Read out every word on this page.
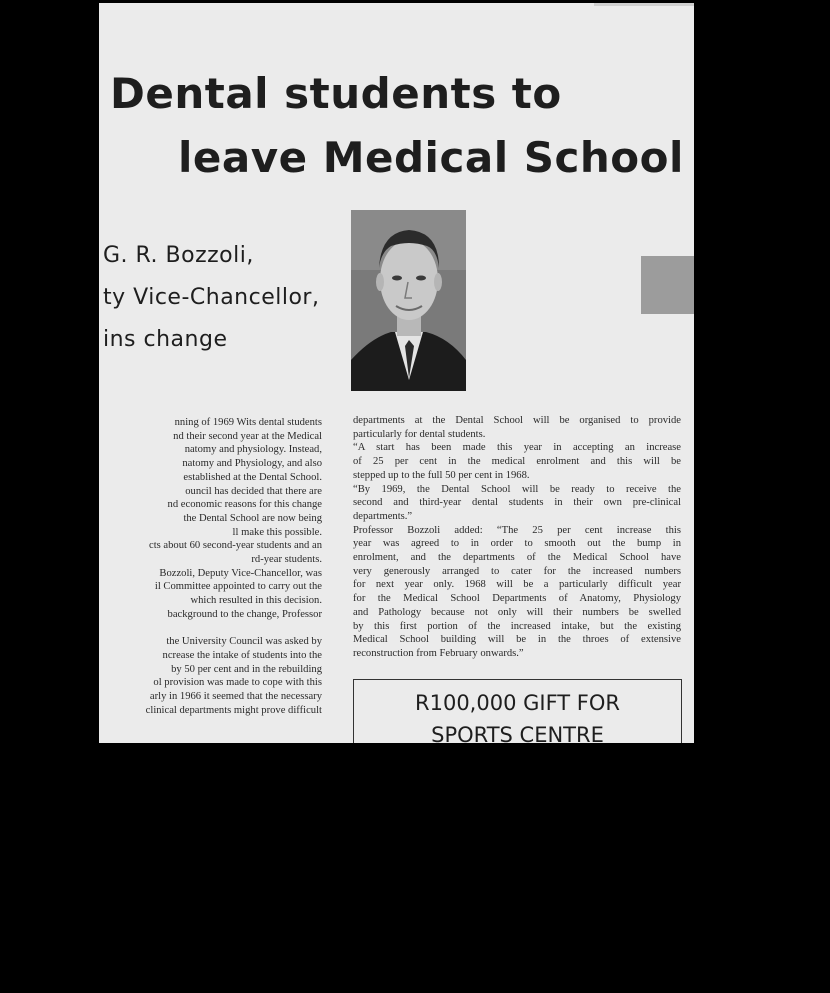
Dental students to
leave Medical School
G. R. Bozzoli,
ty Vice-Chancellor,
ins change
nning of 1969 Wits dental students
nd their second year at the Medical
natomy and physiology. Instead,
natomy and Physiology, and also
established at the Dental School.
ouncil has decided that there are
nd economic reasons for this change
the Dental School are now being
ll make this possible.
cts about 60 second-year students and an
rd-year students.
Bozzoli, Deputy Vice-Chancellor, was
il Committee appointed to carry out the
which resulted in this decision.
background to the change, Professor

the University Council was asked by
ncrease the intake of students into the
by 50 per cent and in the rebuilding
ol provision was made to cope with this
arly in 1966 it seemed that the necessary
clinical departments might prove difficult
departments at the Dental School will be organised to provide
particularly for dental students.
“A start has been made this year in accepting an increase
of 25 per cent in the medical enrolment and this will be
stepped up to the full 50 per cent in 1968.
“By 1969, the Dental School will be ready to receive the
second and third-year dental students in their own pre-clinical
departments.”
Professor Bozzoli added: “The 25 per cent increase this
year was agreed to in order to smooth out the bump in
enrolment, and the departments of the Medical School have
very generously arranged to cater for the increased numbers
for next year only. 1968 will be a particularly difficult year
for the Medical School Departments of Anatomy, Physiology
and Pathology because not only will their numbers be swelled
by this first portion of the increased intake, but the existing
Medical School building will be in the throes of extensive
reconstruction from February onwards.”
R100,000 GIFT FOR
SPORTS CENTRE
